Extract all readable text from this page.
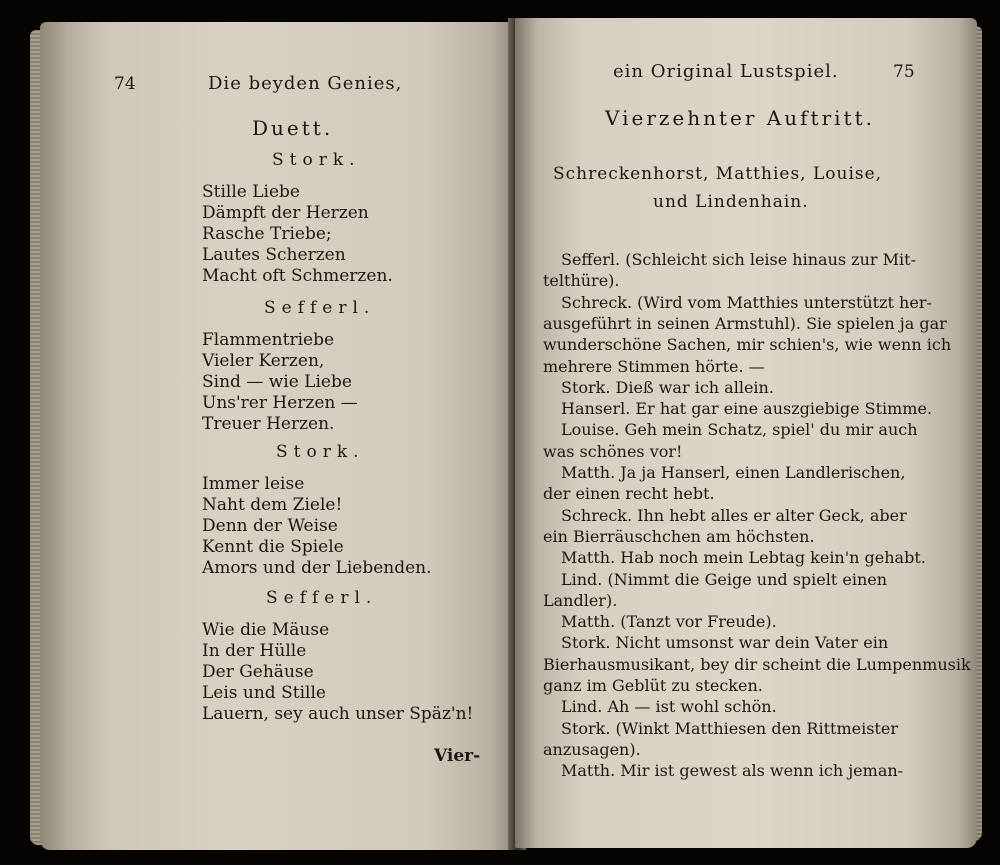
74	Die beyden Genies,
Duett.
Stork.
Stille Liebe
Dämpft der Herzen
Rasche Triebe;
Lautes Scherzen
Macht oft Schmerzen.
Sefferl.
Flammentriebe
Vieler Kerzen,
Sind — wie Liebe
Uns'rer Herzen —
Treuer Herzen.
Stork.
Immer leise
Naht dem Ziele!
Denn der Weise
Kennt die Spiele
Amors und der Liebenden.
Sefferl.
Wie die Mäuse
In der Hülle
Der Gehäuse
Leis und Stille
Lauern, sey auch unser Späz'n!
Vier-
ein Original Lustspiel.	75
Vierzehnter Auftritt.
Schreckenhorst, Matthies, Louise,
und Lindenhain.
Sefferl. (Schleicht sich leise hinaus zur Mit-
telthüre).
Schreck. (Wird vom Matthies unterstützt her-
ausgeführt in seinen Armstuhl). Sie spielen ja gar
wunderschöne Sachen, mir schien's, wie wenn ich
mehrere Stimmen hörte. —
Stork. Dieß war ich allein.
Hanserl. Er hat gar eine auszgiebige Stimme.
Louise. Geh mein Schatz, spiel' du mir auch
was schönes vor!
Matth. Ja ja Hanserl, einen Landlerischen,
der einen recht hebt.
Schreck. Ihn hebt alles er alter Geck, aber
ein Bierräuschchen am höchsten.
Matth. Hab noch mein Lebtag kein'n gehabt.
Lind. (Nimmt die Geige und spielt einen
Landler).
Matth. (Tanzt vor Freude).
Stork. Nicht umsonst war dein Vater ein
Bierhausmusikant, bey dir scheint die Lumpenmusik
ganz im Geblüt zu stecken.
Lind. Ah — ist wohl schön.
Stork. (Winkt Matthiesen den Rittmeister
anzusagen).
Matth. Mir ist gewest als wenn ich jeman-
